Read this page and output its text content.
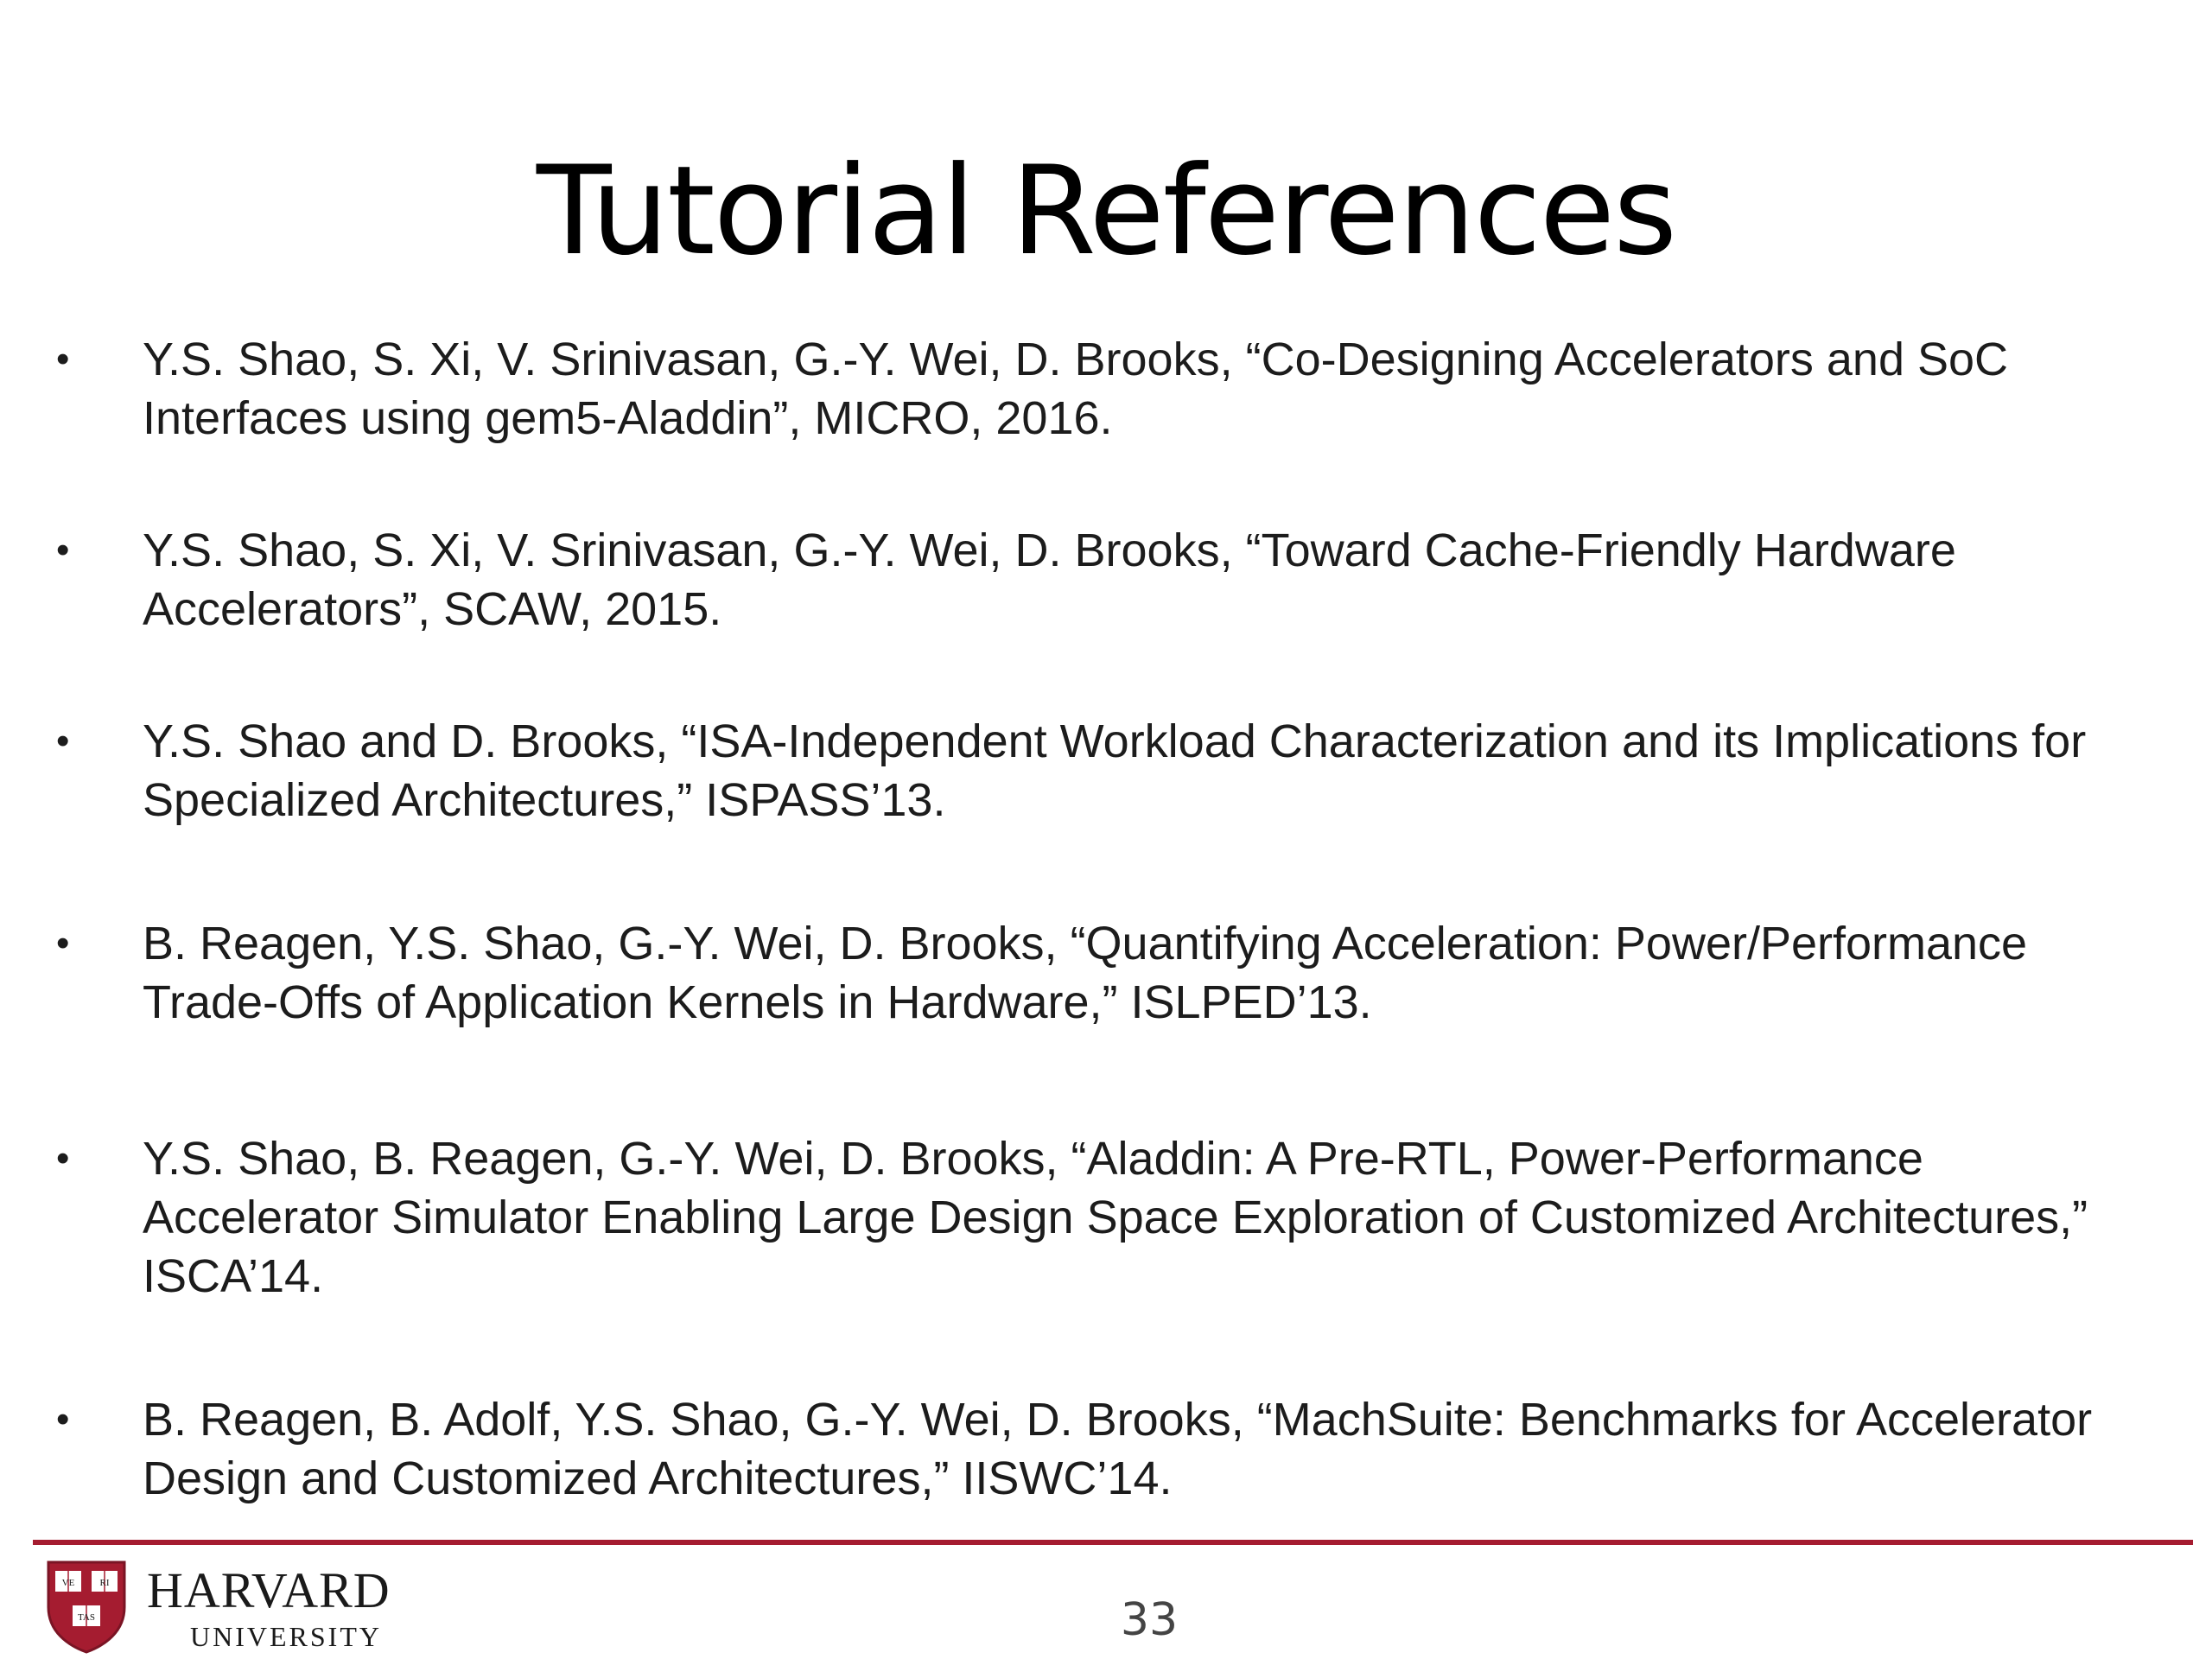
Tutorial References
•	Y.S. Shao, S. Xi, V. Srinivasan, G.-Y. Wei, D. Brooks, “Co-Designing Accelerators and SoC Interfaces using gem5-Aladdin”, MICRO, 2016.
•	Y.S. Shao, S. Xi, V. Srinivasan, G.-Y. Wei, D. Brooks, “Toward Cache-Friendly Hardware Accelerators”, SCAW, 2015.
•	Y.S. Shao and D. Brooks, “ISA-Independent Workload Characterization and its Implications for Specialized Architectures,” ISPASS’13.
•	B. Reagen, Y.S. Shao, G.-Y. Wei, D. Brooks, “Quantifying Acceleration: Power/Performance Trade-Offs of Application Kernels in Hardware,” ISLPED’13.
•	Y.S. Shao, B. Reagen, G.-Y. Wei, D. Brooks, “Aladdin: A Pre-RTL, Power-Performance Accelerator Simulator Enabling Large Design Space Exploration of Customized Architectures,” ISCA’14.
•	B. Reagen, B. Adolf, Y.S. Shao, G.-Y. Wei, D. Brooks, “MachSuite: Benchmarks for Accelerator Design and Customized Architectures,” IISWC’14.
VE	RI
TAS HARVARD
UNIVERSITY	33
